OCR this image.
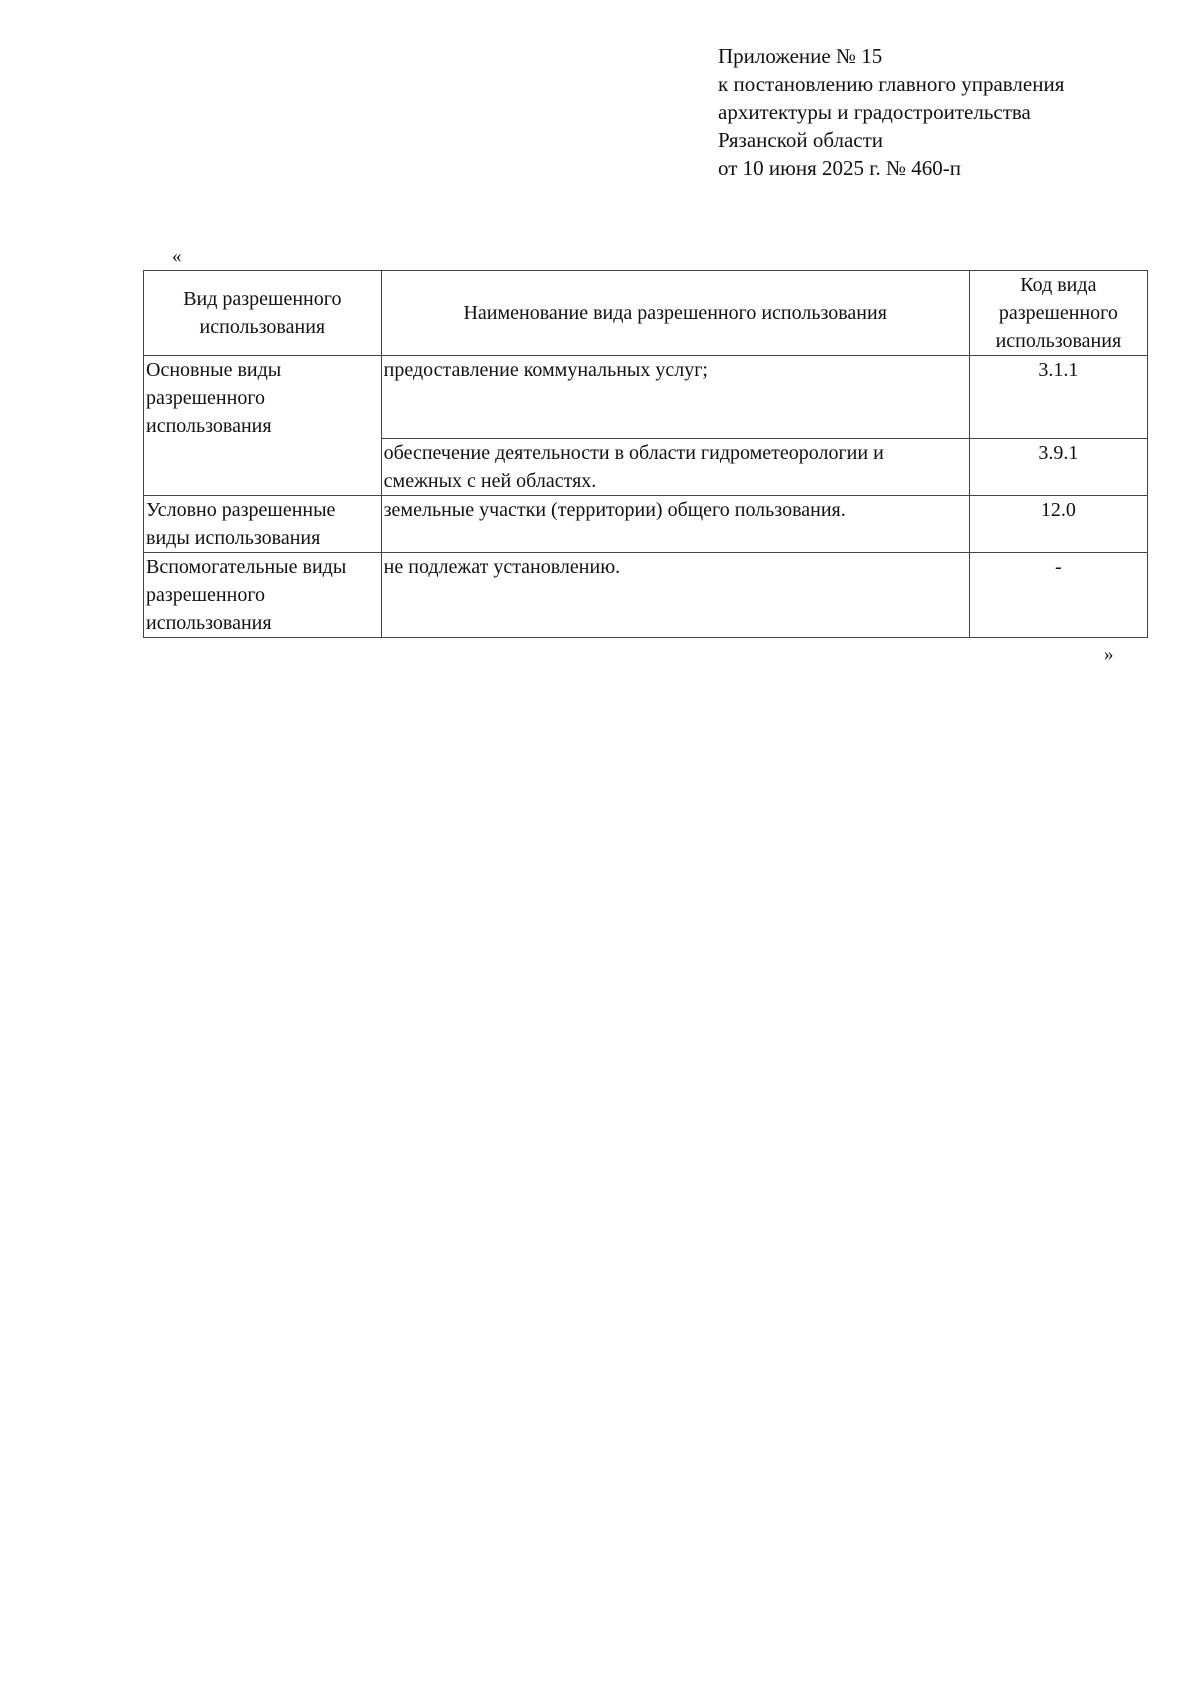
Приложение № 15
к постановлению главного управления
архитектуры и градостроительства
Рязанской области
от 10 июня 2025 г. № 460-п
«
Вид разрешенного использования	Наименование вида разрешенного использования	Код вида разрешенного использования
Основные виды разрешенного использования	предоставление коммунальных услуг;	3.1.1
	обеспечение деятельности в области гидрометеорологии и смежных с ней областях.	3.9.1
Условно разрешенные виды использования	земельные участки (территории) общего пользования.	12.0
Вспомогательные виды разрешенного использования	не подлежат установлению.	-
»
